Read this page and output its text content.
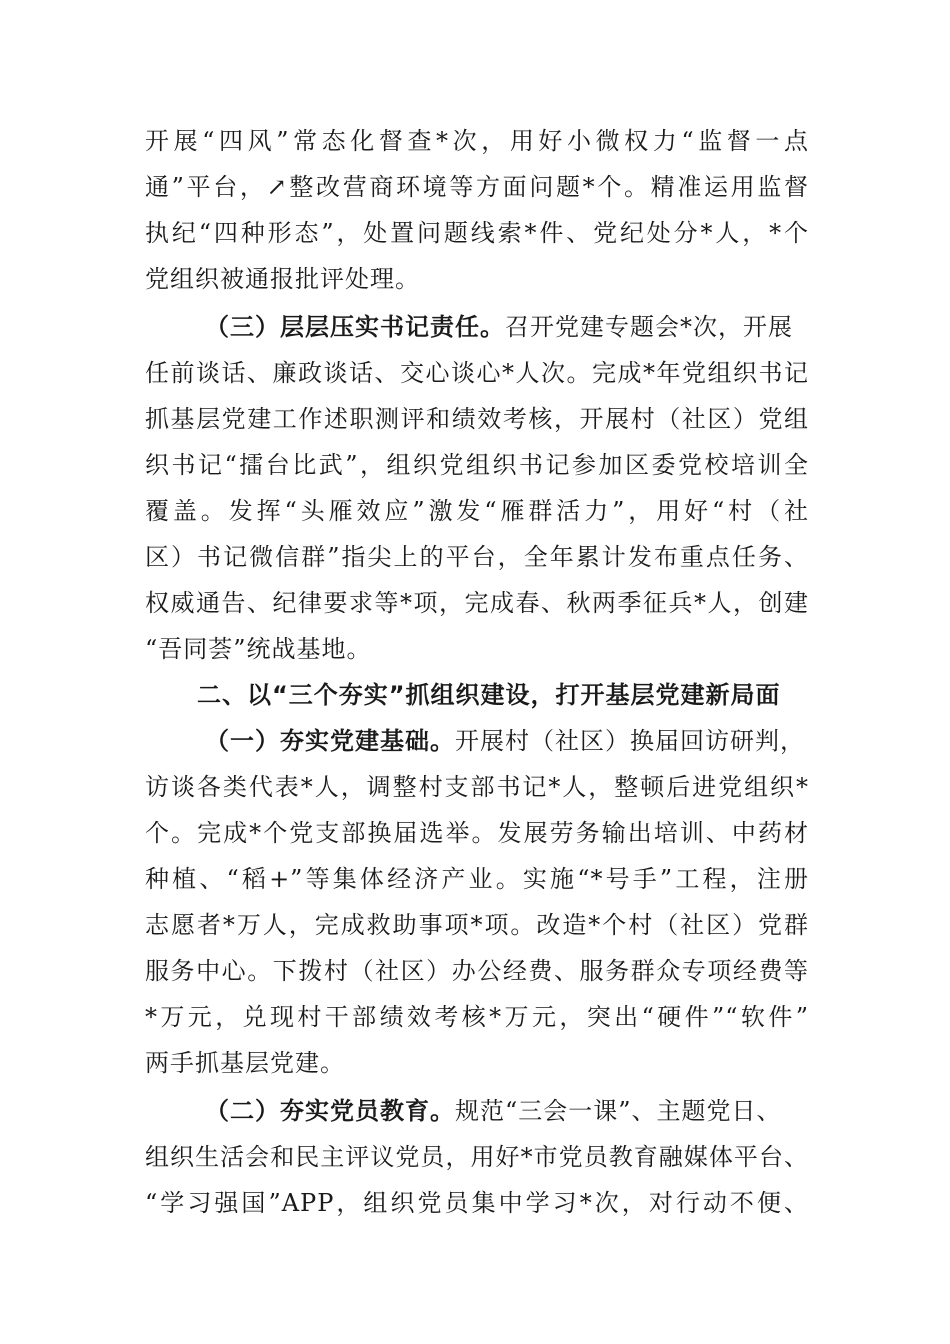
开展“四风”常态化督查*次，用好小微权力“监督一点
通”平台，↗整改营商环境等方面问题*个。精准运用监督
执纪“四种形态”，处置问题线索*件、党纪处分*人，*个
党组织被通报批评处理。
（三）层层压实书记责任。召开党建专题会*次，开展
任前谈话、廉政谈话、交心谈心*人次。完成*年党组织书记
抓基层党建工作述职测评和绩效考核，开展村（社区）党组
织书记“擂台比武”，组织党组织书记参加区委党校培训全
覆盖。发挥“头雁效应”激发“雁群活力”，用好“村（社
区）书记微信群”指尖上的平台，全年累计发布重点任务、
权威通告、纪律要求等*项，完成春、秋两季征兵*人，创建
“吾同荟”统战基地。
二、以“三个夯实”抓组织建设，打开基层党建新局面
（一）夯实党建基础。开展村（社区）换届回访研判，
访谈各类代表*人，调整村支部书记*人，整顿后进党组织*
个。完成*个党支部换届选举。发展劳务输出培训、中药材
种植、“稻+”等集体经济产业。实施“*号手”工程，注册
志愿者*万人，完成救助事项*项。改造*个村（社区）党群
服务中心。下拨村（社区）办公经费、服务群众专项经费等
*万元，兑现村干部绩效考核*万元，突出“硬件”“软件”
两手抓基层党建。
（二）夯实党员教育。规范“三会一课”、主题党日、
组织生活会和民主评议党员，用好*市党员教育融媒体平台、
“学习强国”APP，组织党员集中学习*次，对行动不便、
